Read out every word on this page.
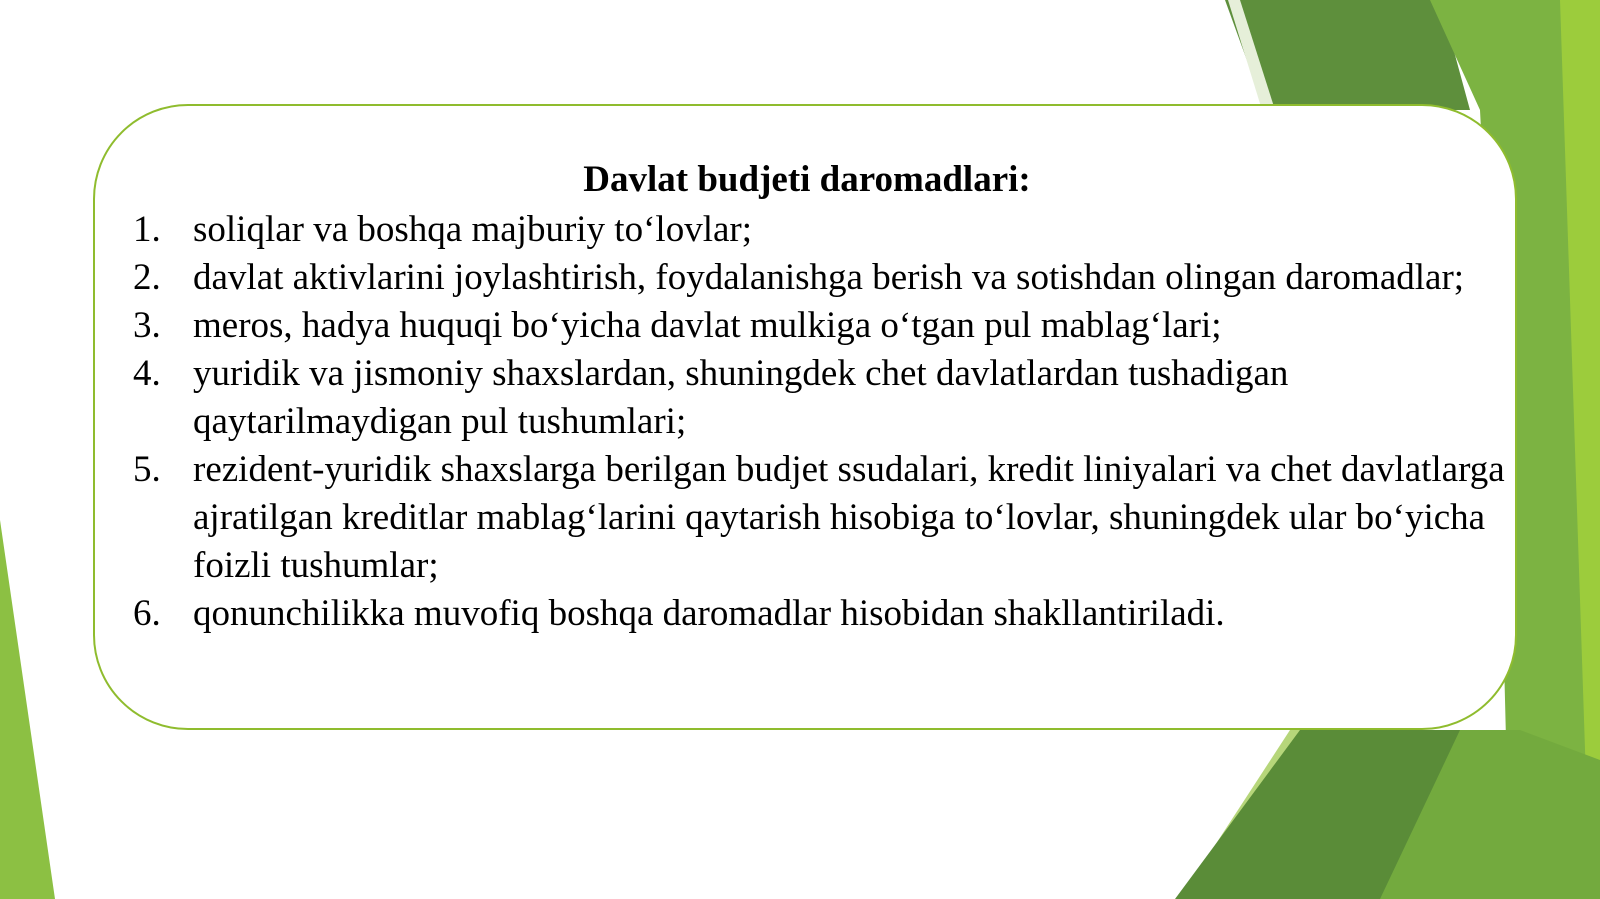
Davlat budjeti daromadlari:
1. soliqlar va boshqa majburiy to‘lovlar;
2. davlat aktivlarini joylashtirish, foydalanishga berish va sotishdan olingan daromadlar;
3. meros, hadya huquqi bo‘yicha davlat mulkiga o‘tgan pul mablag‘lari;
4. yuridik va jismoniy shaxslardan, shuningdek chet davlatlardan tushadigan qaytarilmaydigan pul tushumlari;
5. rezident-yuridik shaxslarga berilgan budjet ssudalari, kredit liniyalari va chet davlatlarga ajratilgan kreditlar mablag‘larini qaytarish hisobiga to‘lovlar, shuningdek ular bo‘yicha foizli tushumlar;
6. qonunchilikka muvofiq boshqa daromadlar hisobidan shakllantiriladi.
